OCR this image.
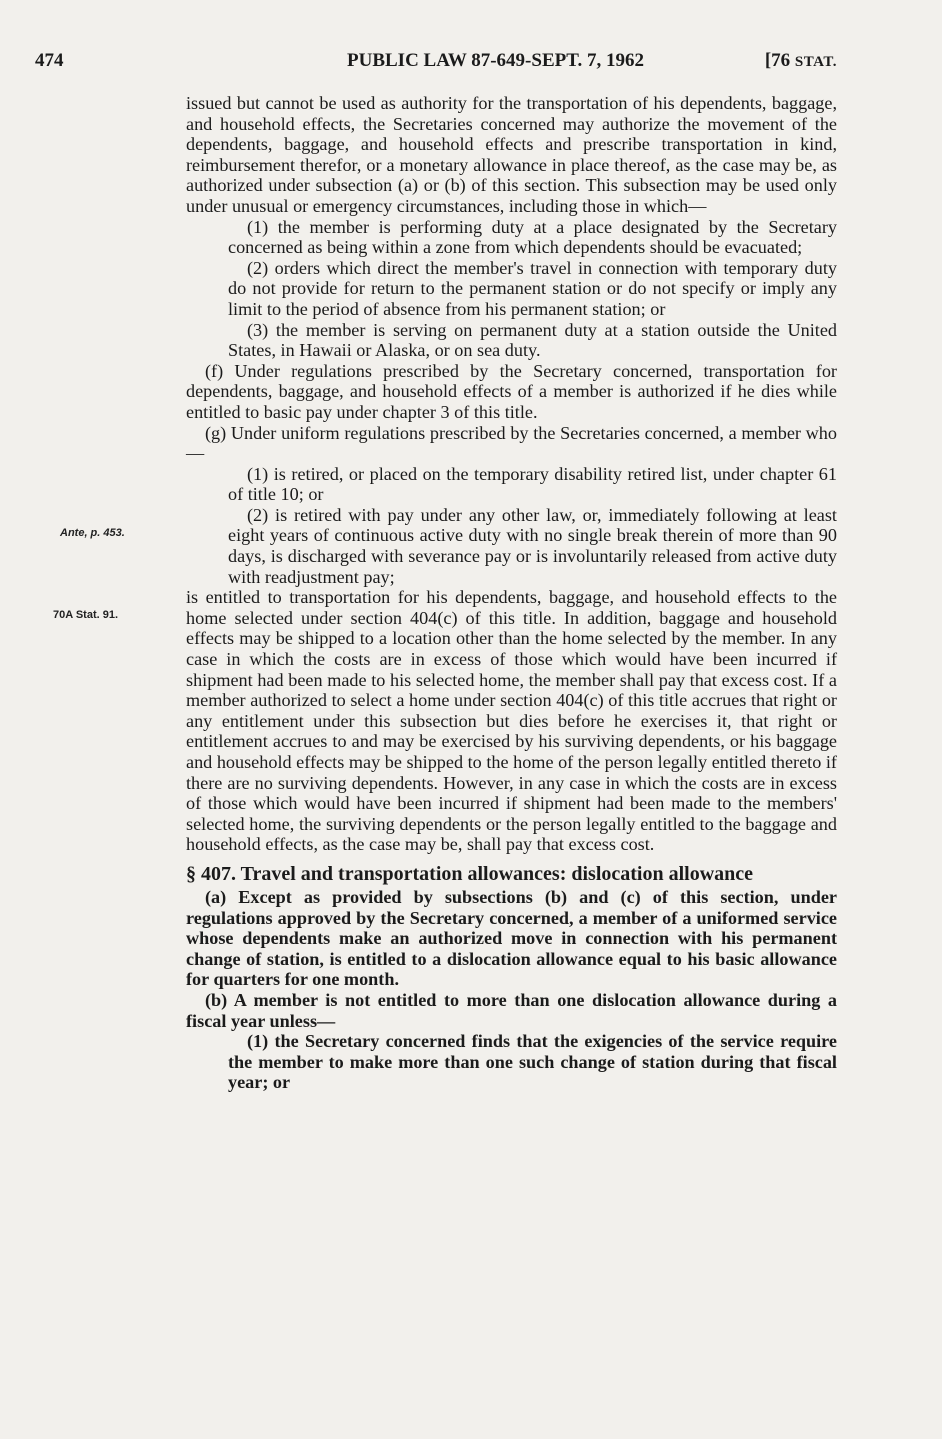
474	PUBLIC LAW 87-649-SEPT. 7, 1962	[76 STAT.
Ante, p. 453.
70A Stat. 91.

issued but cannot be used as authority for the transportation of his dependents, baggage, and household effects, the Secretaries concerned may authorize the movement of the dependents, baggage, and household effects and prescribe transportation in kind, reimbursement therefor, or a monetary allowance in place thereof, as the case may be, as authorized under subsection (a) or (b) of this section. This subsection may be used only under unusual or emergency circumstances, including those in which—

(1) the member is performing duty at a place designated by the Secretary concerned as being within a zone from which dependents should be evacuated;

(2) orders which direct the member's travel in connection with temporary duty do not provide for return to the permanent station or do not specify or imply any limit to the period of absence from his permanent station; or

(3) the member is serving on permanent duty at a station outside the United States, in Hawaii or Alaska, or on sea duty.

(f) Under regulations prescribed by the Secretary concerned, transportation for dependents, baggage, and household effects of a member is authorized if he dies while entitled to basic pay under chapter 3 of this title.

(g) Under uniform regulations prescribed by the Secretaries concerned, a member who—

(1) is retired, or placed on the temporary disability retired list, under chapter 61 of title 10; or

(2) is retired with pay under any other law, or, immediately following at least eight years of continuous active duty with no single break therein of more than 90 days, is discharged with severance pay or is involuntarily released from active duty with readjustment pay;

is entitled to transportation for his dependents, baggage, and household effects to the home selected under section 404(c) of this title. In addition, baggage and household effects may be shipped to a location other than the home selected by the member. In any case in which the costs are in excess of those which would have been incurred if shipment had been made to his selected home, the member shall pay that excess cost. If a member authorized to select a home under section 404(c) of this title accrues that right or any entitlement under this subsection but dies before he exercises it, that right or entitlement accrues to and may be exercised by his surviving dependents, or his baggage and household effects may be shipped to the home of the person legally entitled thereto if there are no surviving dependents. However, in any case in which the costs are in excess of those which would have been incurred if shipment had been made to the members' selected home, the surviving dependents or the person legally entitled to the baggage and household effects, as the case may be, shall pay that excess cost.

§ 407. Travel and transportation allowances: dislocation allowance

(a) Except as provided by subsections (b) and (c) of this section, under regulations approved by the Secretary concerned, a member of a uniformed service whose dependents make an authorized move in connection with his permanent change of station, is entitled to a dislocation allowance equal to his basic allowance for quarters for one month.

(b) A member is not entitled to more than one dislocation allowance during a fiscal year unless—

(1) the Secretary concerned finds that the exigencies of the service require the member to make more than one such change of station during that fiscal year; or
